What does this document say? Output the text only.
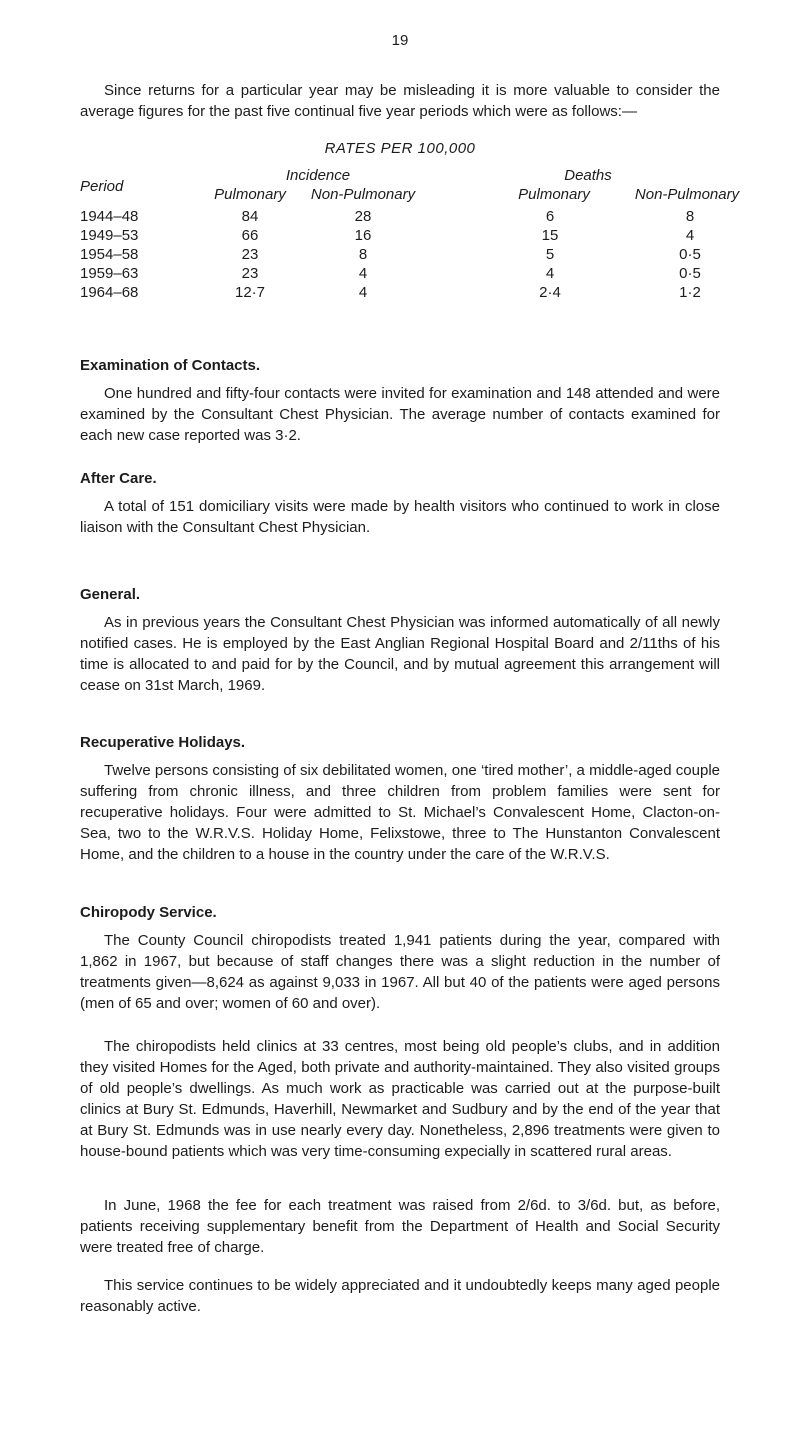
19
Since returns for a particular year may be misleading it is more valuable to consider the average figures for the past five continual five year periods which were as follows:—
RATES PER 100,000
Period
Incidence	Deaths
Pulmonary	Non-Pulmonary	Pulmonary	Non-Pulmonary
1944–48	84	28	6	8
1949–53	66	16	15	4
1954–58	23	8	5	0·5
1959–63	23	4	4	0·5
1964–68	12·7	4	2·4	1·2
Examination of Contacts.
One hundred and fifty-four contacts were invited for examination and 148 attended and were examined by the Consultant Chest Physician. The average number of contacts examined for each new case reported was 3·2.
After Care.
A total of 151 domiciliary visits were made by health visitors who continued to work in close liaison with the Consultant Chest Physician.
General.
As in previous years the Consultant Chest Physician was informed automatically of all newly notified cases. He is employed by the East Anglian Regional Hospital Board and 2/11ths of his time is allocated to and paid for by the Council, and by mutual agreement this arrangement will cease on 31st March, 1969.
Recuperative Holidays.
Twelve persons consisting of six debilitated women, one ‘tired mother’, a middle-aged couple suffering from chronic illness, and three children from problem families were sent for recuperative holidays. Four were admitted to St. Michael’s Convalescent Home, Clacton-on-Sea, two to the W.R.V.S. Holiday Home, Felixstowe, three to The Hunstanton Convalescent Home, and the children to a house in the country under the care of the W.R.V.S.
Chiropody Service.
The County Council chiropodists treated 1,941 patients during the year, compared with 1,862 in 1967, but because of staff changes there was a slight reduction in the number of treatments given—8,624 as against 9,033 in 1967. All but 40 of the patients were aged persons (men of 65 and over; women of 60 and over).
The chiropodists held clinics at 33 centres, most being old people’s clubs, and in addition they visited Homes for the Aged, both private and authority-maintained. They also visited groups of old people’s dwellings. As much work as practicable was carried out at the purpose-built clinics at Bury St. Edmunds, Haverhill, Newmarket and Sudbury and by the end of the year that at Bury St. Edmunds was in use nearly every day. Nonetheless, 2,896 treatments were given to house-bound patients which was very time-consuming expecially in scattered rural areas.
In June, 1968 the fee for each treatment was raised from 2/6d. to 3/6d. but, as before, patients receiving supplementary benefit from the Department of Health and Social Security were treated free of charge.
This service continues to be widely appreciated and it undoubtedly keeps many aged people reasonably active.
